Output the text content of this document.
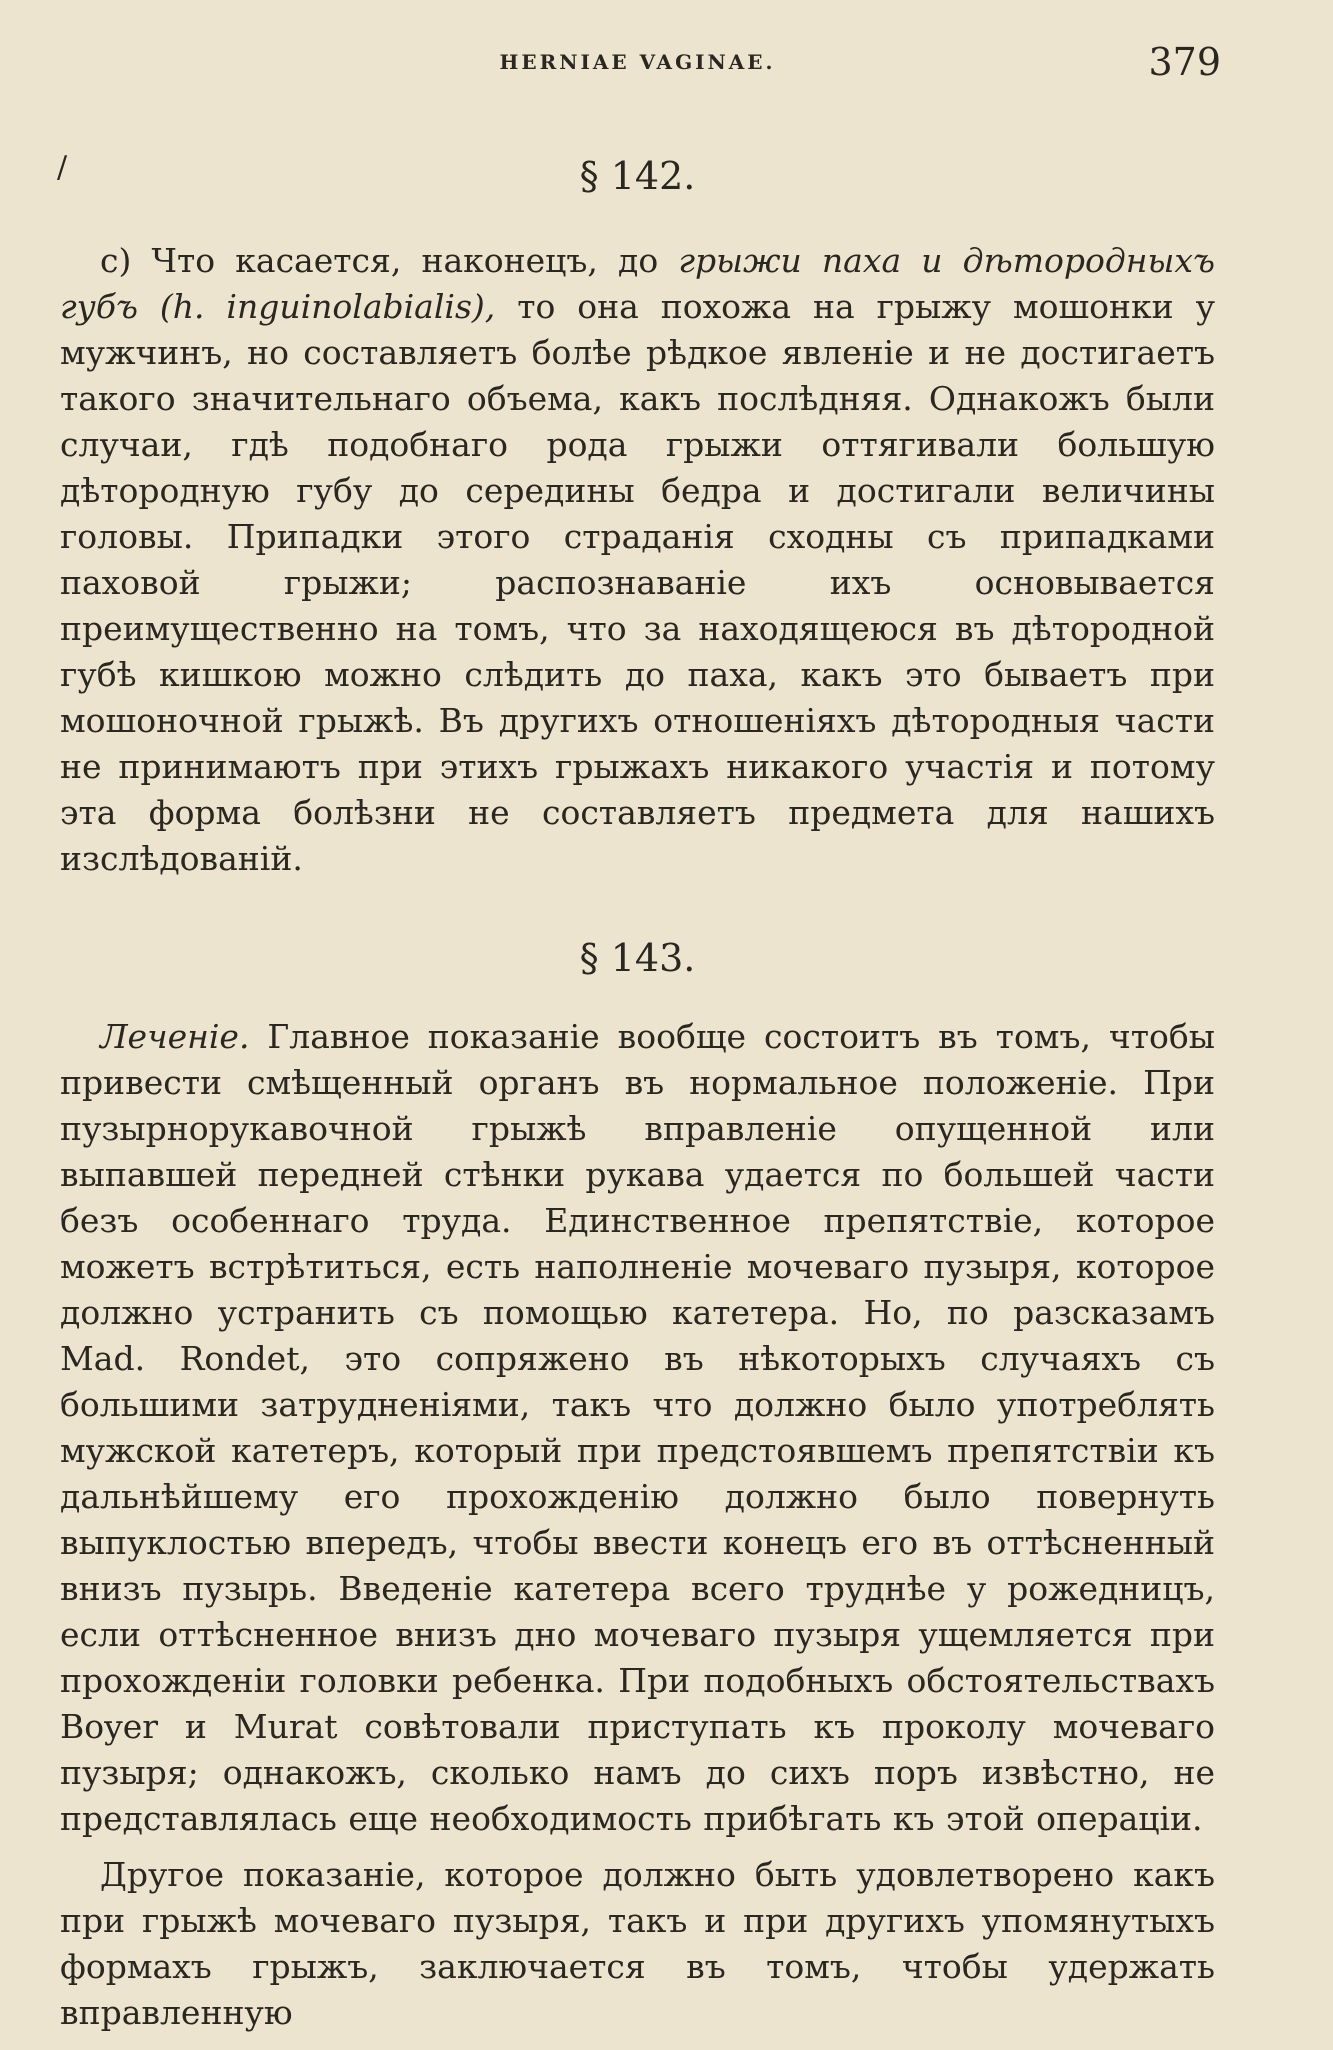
HERNIAE VAGINAE.	379
/	§ 142.

с) Что касается, наконецъ, до грыжи паха и дѣтородныхъ губъ (h. inguinolabialis), то она похожа на грыжу мошонки у мужчинъ, но составляетъ болѣе рѣдкое явленіе и не достигаетъ такого значительнаго объема, какъ послѣдняя. Однакожъ были случаи, гдѣ подобнаго рода грыжи оттягивали большую дѣтородную губу до середины бедра и достигали величины головы. Припадки этого страданія сходны съ припадками паховой грыжи; распознаваніе ихъ основывается преимущественно на томъ, что за находящеюся въ дѣтородной губѣ кишкою можно слѣдить до паха, какъ это бываетъ при мошоночной грыжѣ. Въ другихъ отношеніяхъ дѣтородныя части не принимаютъ при этихъ грыжахъ никакого участія и потому эта форма болѣзни не составляетъ предмета для нашихъ изслѣдованій.

§ 143.

Леченіе. Главное показаніе вообще состоитъ въ томъ, чтобы привести смѣщенный органъ въ нормальное положеніе. При пузырнорукавочной грыжѣ вправленіе опущенной или выпавшей передней стѣнки рукава удается по большей части безъ особеннаго труда. Единственное препятствіе, которое можетъ встрѣтиться, есть наполненіе мочеваго пузыря, которое должно устранить съ помощью катетера. Но, по разсказамъ Mad. Rondet, это сопряжено въ нѣкоторыхъ случаяхъ съ большими затрудненіями, такъ что должно было употреблять мужской катетеръ, который при предстоявшемъ препятствіи къ дальнѣйшему его прохожденію должно было повернуть выпуклостью впередъ, чтобы ввести конецъ его въ оттѣсненный внизъ пузырь. Введеніе катетера всего труднѣе у рожедницъ, если оттѣсненное внизъ дно мочеваго пузыря ущемляется при прохожденіи головки ребенка. При подобныхъ обстоятельствахъ Boyer и Murat совѣтовали приступать къ проколу мочеваго пузыря; однакожъ, сколько намъ до сихъ поръ извѣстно, не представлялась еще необходимость прибѣгать къ этой операціи.

Другое показаніе, которое должно быть удовлетворено какъ при грыжѣ мочеваго пузыря, такъ и при другихъ упомянутыхъ формахъ грыжъ, заключается въ томъ, чтобы удержать вправленную
